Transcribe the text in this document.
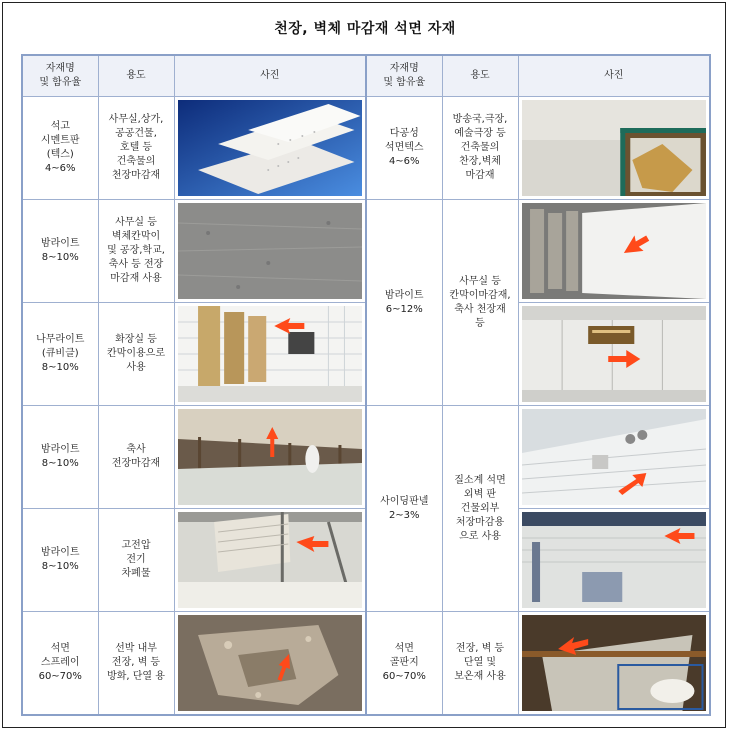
천장, 벽체 마감재 석면 자재
자재명
및 함유율	용도	사진	자재명
및 함유율	용도	사진
석고
시멘트판
(텍스)
4~6%	사무실,상가,
공공건물,
호텔 등
건축물의
천장마감재		다공성
석면텍스
4~6%	방송국,극장,
예술극장 등
건축물의
찬장,벽체
마감재	

밤라이트
8~10%	사무실 등
벽체칸막이
및 공장,학교,
축사 등 전장
마감재 사용		밤라이트
6~12%	사무실 등
칸막이마감재,
축사 천장재
등	

나무라이트
(큐비클)
8~10%	화장실 등
칸막이용으로
사용	

밤라이트
8~10%	축사
전장마감재		사이딩판넬
2~3%	질소계 석면
외벽 판
건물외부
처장마감용
으로 사용	

밤라이트
8~10%	고전압
전기
차폐물	

석면
스프레이
60~70%	선박 내부
전장, 벽 등
방화, 단열 용		석면
골판지
60~70%	전장, 벽 등
단열 및
보온재 사용	
